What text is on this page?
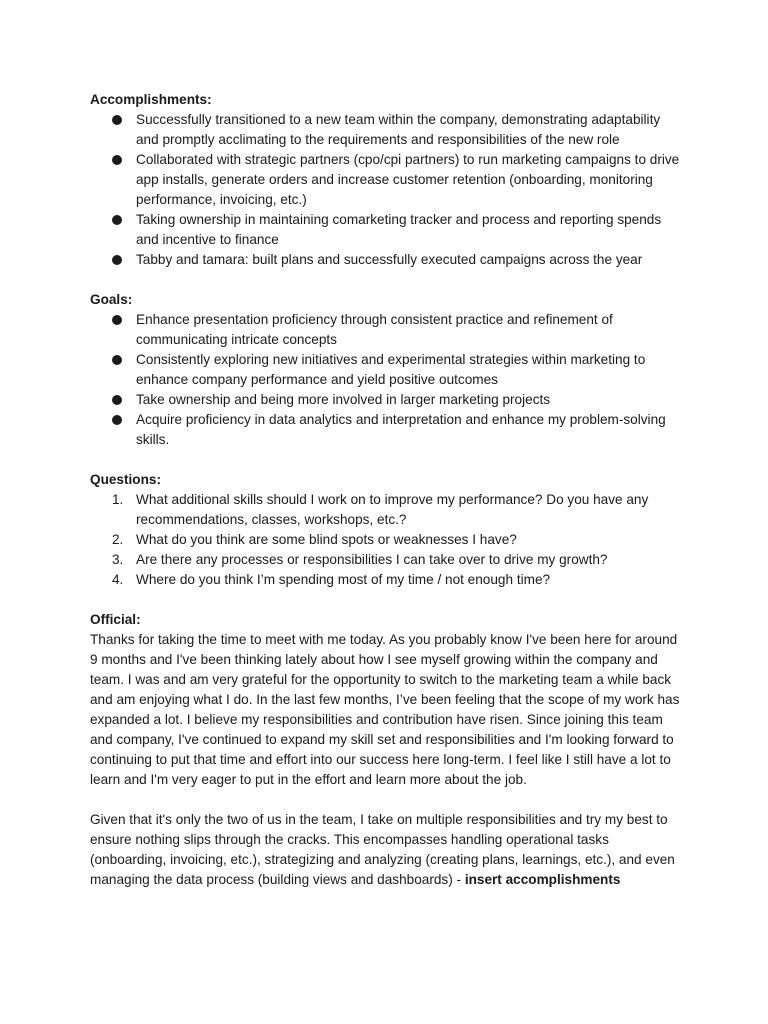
Accomplishments:

Successfully transitioned to a new team within the company, demonstrating adaptability and promptly acclimating to the requirements and responsibilities of the new role
Collaborated with strategic partners (cpo/cpi partners) to run marketing campaigns to drive app installs, generate orders and increase customer retention (onboarding, monitoring performance, invoicing, etc.)
Taking ownership in maintaining comarketing tracker and process and reporting spends and incentive to finance
Tabby and tamara: built plans and successfully executed campaigns across the year

Goals:

Enhance presentation proficiency through consistent practice and refinement of communicating intricate concepts
Consistently exploring new initiatives and experimental strategies within marketing to enhance company performance and yield positive outcomes
Take ownership and being more involved in larger marketing projects
Acquire proficiency in data analytics and interpretation and enhance my problem-solving skills.

Questions:

1. What additional skills should I work on to improve my performance? Do you have any recommendations, classes, workshops, etc.?
2. What do you think are some blind spots or weaknesses I have?
3. Are there any processes or responsibilities I can take over to drive my growth?
4. Where do you think I’m spending most of my time / not enough time?

Official:

Thanks for taking the time to meet with me today. As you probably know I've been here for around 9 months and I've been thinking lately about how I see myself growing within the company and team. I was and am very grateful for the opportunity to switch to the marketing team a while back and am enjoying what I do. In the last few months, I’ve been feeling that the scope of my work has expanded a lot. I believe my responsibilities and contribution have risen. Since joining this team and company, I've continued to expand my skill set and responsibilities and I'm looking forward to continuing to put that time and effort into our success here long-term. I feel like I still have a lot to learn and I'm very eager to put in the effort and learn more about the job.

Given that it's only the two of us in the team, I take on multiple responsibilities and try my best to ensure nothing slips through the cracks. This encompasses handling operational tasks (onboarding, invoicing, etc.), strategizing and analyzing (creating plans, learnings, etc.), and even managing the data process (building views and dashboards) - insert accomplishments
